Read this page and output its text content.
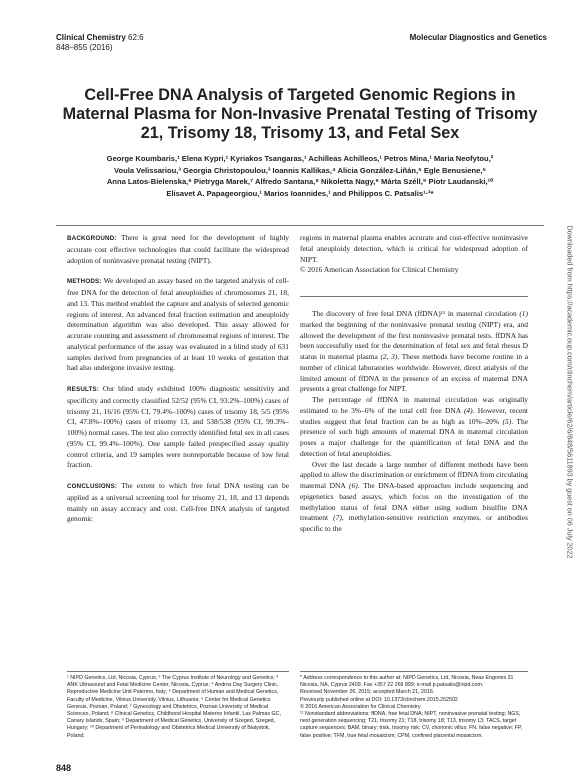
Clinical Chemistry 62:6
848–855 (2016)
Molecular Diagnostics and Genetics
Cell-Free DNA Analysis of Targeted Genomic Regions in Maternal Plasma for Non-Invasive Prenatal Testing of Trisomy 21, Trisomy 18, Trisomy 13, and Fetal Sex
George Koumbaris,¹ Elena Kypri,¹ Kyriakos Tsangaras,¹ Achilleas Achilleos,¹ Petros Mina,¹ Maria Neofytou,²
Voula Velissariou,³ Georgia Christopoulou,³ Ioannis Kallikas,⁴ Alicia González-Liñán,⁵ Egle Benusiene,⁵
Anna Latos-Bielenska,⁶ Pietryga Marek,⁷ Alfredo Santana,⁸ Nikoletta Nagy,⁹ Márta Széll,⁹ Piotr Laudanski,¹⁰
Elisavet A. Papageorgiou,¹ Marios Ioannides,¹ and Philippos C. Patsalis¹·²*

BACKGROUND: There is great need for the development of highly accurate cost effective technologies that could facilitate the widespread adoption of noninvasive prenatal testing (NIPT).

METHODS: We developed an assay based on the targeted analysis of cell-free DNA for the detection of fetal aneuploidies of chromosomes 21, 18, and 13. This method enabled the capture and analysis of selected genomic regions of interest. An advanced fetal fraction estimation and aneuploidy determination algorithm was also developed. This assay allowed for accurate counting and assessment of chromosomal regions of interest. The analytical performance of the assay was evaluated in a blind study of 631 samples derived from pregnancies of at least 10 weeks of gestation that had also undergone invasive testing.

RESULTS: Our blind study exhibited 100% diagnostic sensitivity and specificity and correctly classified 52/52 (95% CI, 93.2%–100%) cases of trisomy 21, 16/16 (95% CI, 79.4%–100%) cases of trisomy 18, 5/5 (95% CI, 47.8%–100%) cases of trisomy 13, and 538/538 (95% CI, 99.3%–100%) normal cases. The test also correctly identified fetal sex in all cases (95% CI, 99.4%–100%). One sample failed prespecified assay quality control criteria, and 19 samples were nonreportable because of low fetal fraction.

CONCLUSIONS: The extent to which free fetal DNA testing can be applied as a universal screening tool for trisomy 21, 18, and 13 depends mainly on assay accuracy and cost. Cell-free DNA analysis of targeted genomic

regions in maternal plasma enables accurate and cost-effective noninvasive fetal aneuploidy detection, which is critical for widespread adoption of NIPT.

© 2016 American Association for Clinical Chemistry

The discovery of free fetal DNA (ffDNA)¹¹ in maternal circulation (1) marked the beginning of the noninvasive prenatal testing (NIPT) era, and allowed the development of the first noninvasive prenatal tests. ffDNA has been successfully used for the determination of fetal sex and fetal rhesus D status in maternal plasma (2, 3). These methods have become routine in a number of clinical laboratories worldwide. However, direct analysis of the limited amount of ffDNA in the presence of an excess of maternal DNA presents a great challenge for NIPT.

The percentage of ffDNA in maternal circulation was originally estimated to be 3%–6% of the total cell free DNA (4). However, recent studies suggest that fetal fraction can be as high as 10%–20% (5). The presence of such high amounts of maternal DNA in maternal circulation poses a major challenge for the quantification of fetal DNA and the detection of fetal aneuploidies.

Over the last decade a large number of different methods have been applied to allow the discrimination or enrichment of ffDNA from circulating maternal DNA (6). The DNA-based approaches include sequencing and epigenetics based assays, which focus on the investigation of the methylation status of fetal DNA either using sodium bisulfite DNA treatment (7), methylation-sensitive restriction enzymes, or antibodies specific to the

¹ NIPD Genetics, Ltd, Nicosia, Cyprus; ² The Cyprus Institute of Neurology and Genetics; ³ ANK Ultrasound and Fetal Medicine Center, Nicosia, Cyprus; ⁴ Andros Day Surgery Clinic, Reproductive Medicine Unit Palermo, Italy; ⁵ Department of Human and Medical Genetics, Faculty of Medicine, Vilnius University, Vilnius, Lithuania; ⁶ Center for Medical Genetics Genesis, Poznan, Poland; ⁷ Gynecology and Obstetrics, Poznan University of Medical Sciences, Poland; ⁸ Clinical Genetics, Childhood Hospital Materno Infantil, Las Palmas GC, Canary Islands, Spain; ⁹ Department of Medical Genetics, University of Szeged, Szeged, Hungary; ¹⁰ Department of Perinatology and Obstetrics Medical University of Bialystok, Poland.
* Address correspondence to this author at: NIPD Genetics, Ltd, Nicosia, Neas Engomis 31 Nicosia, NA, Cyprus 2409. Fax +357 22 266 899; e-mail p.patsalis@nipd.com.
Received November 26, 2015; accepted March 21, 2016.
Previously published online at DOI: 10.1373/clinchem.2015.252502
© 2016 American Association for Clinical Chemistry
¹¹ Nonstandard abbreviations: ffDNA, free fetal DNA; NIPT, noninvasive prenatal testing; NGS, next generation sequencing; T21, trisomy 21; T18, trisomy 18; T13, trisomy 13; TACS, target capture sequences; BAM, binary; trisk, trisomy risk; CV, chorionic villus; FN, false negative; FP, false positive; TFM, true fetal mosaicism; CPM, confined placental mosaicism.
848
Downloaded from https://academic.oup.com/clinchem/article/62/6/848/5611893 by guest on 06 July 2022
